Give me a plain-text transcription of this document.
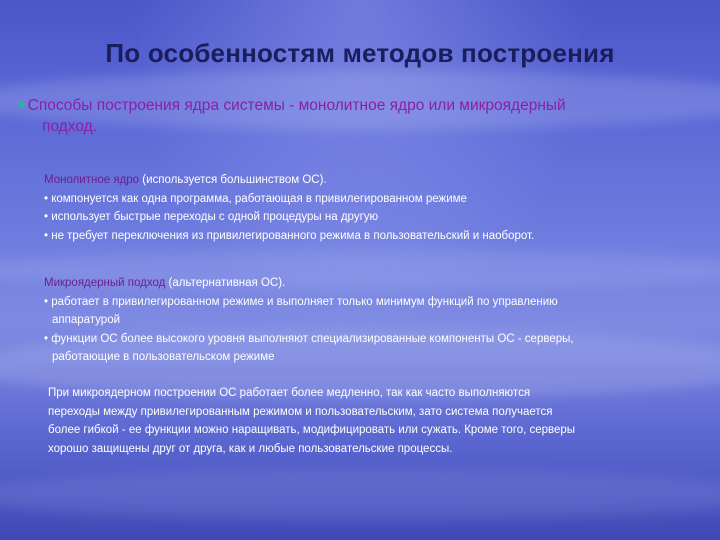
По особенностям методов построения
■ Способы построения ядра системы - монолитное ядро или микроядерный
подход.
Монолитное ядро (используется большинством ОС).
• компонуется как одна программа, работающая в привилегированном режиме
• использует быстрые переходы с одной процедуры на другую
• не требует переключения из привилегированного режима в пользовательский и наоборот.
Микроядерный подход (альтернативная ОС).
• работает в привилегированном режиме и выполняет только минимум функций по управлению
аппаратурой
• функции ОС более высокого уровня выполняют специализированные компоненты ОС - серверы,
работающие в пользовательском режиме
При микроядерном построении ОС работает более медленно, так как часто выполняются
переходы между привилегированным режимом и пользовательским, зато система получается
более гибкой - ее функции можно наращивать, модифицировать или сужать. Кроме того, серверы
хорошо защищены друг от друга, как и любые пользовательские процессы.
